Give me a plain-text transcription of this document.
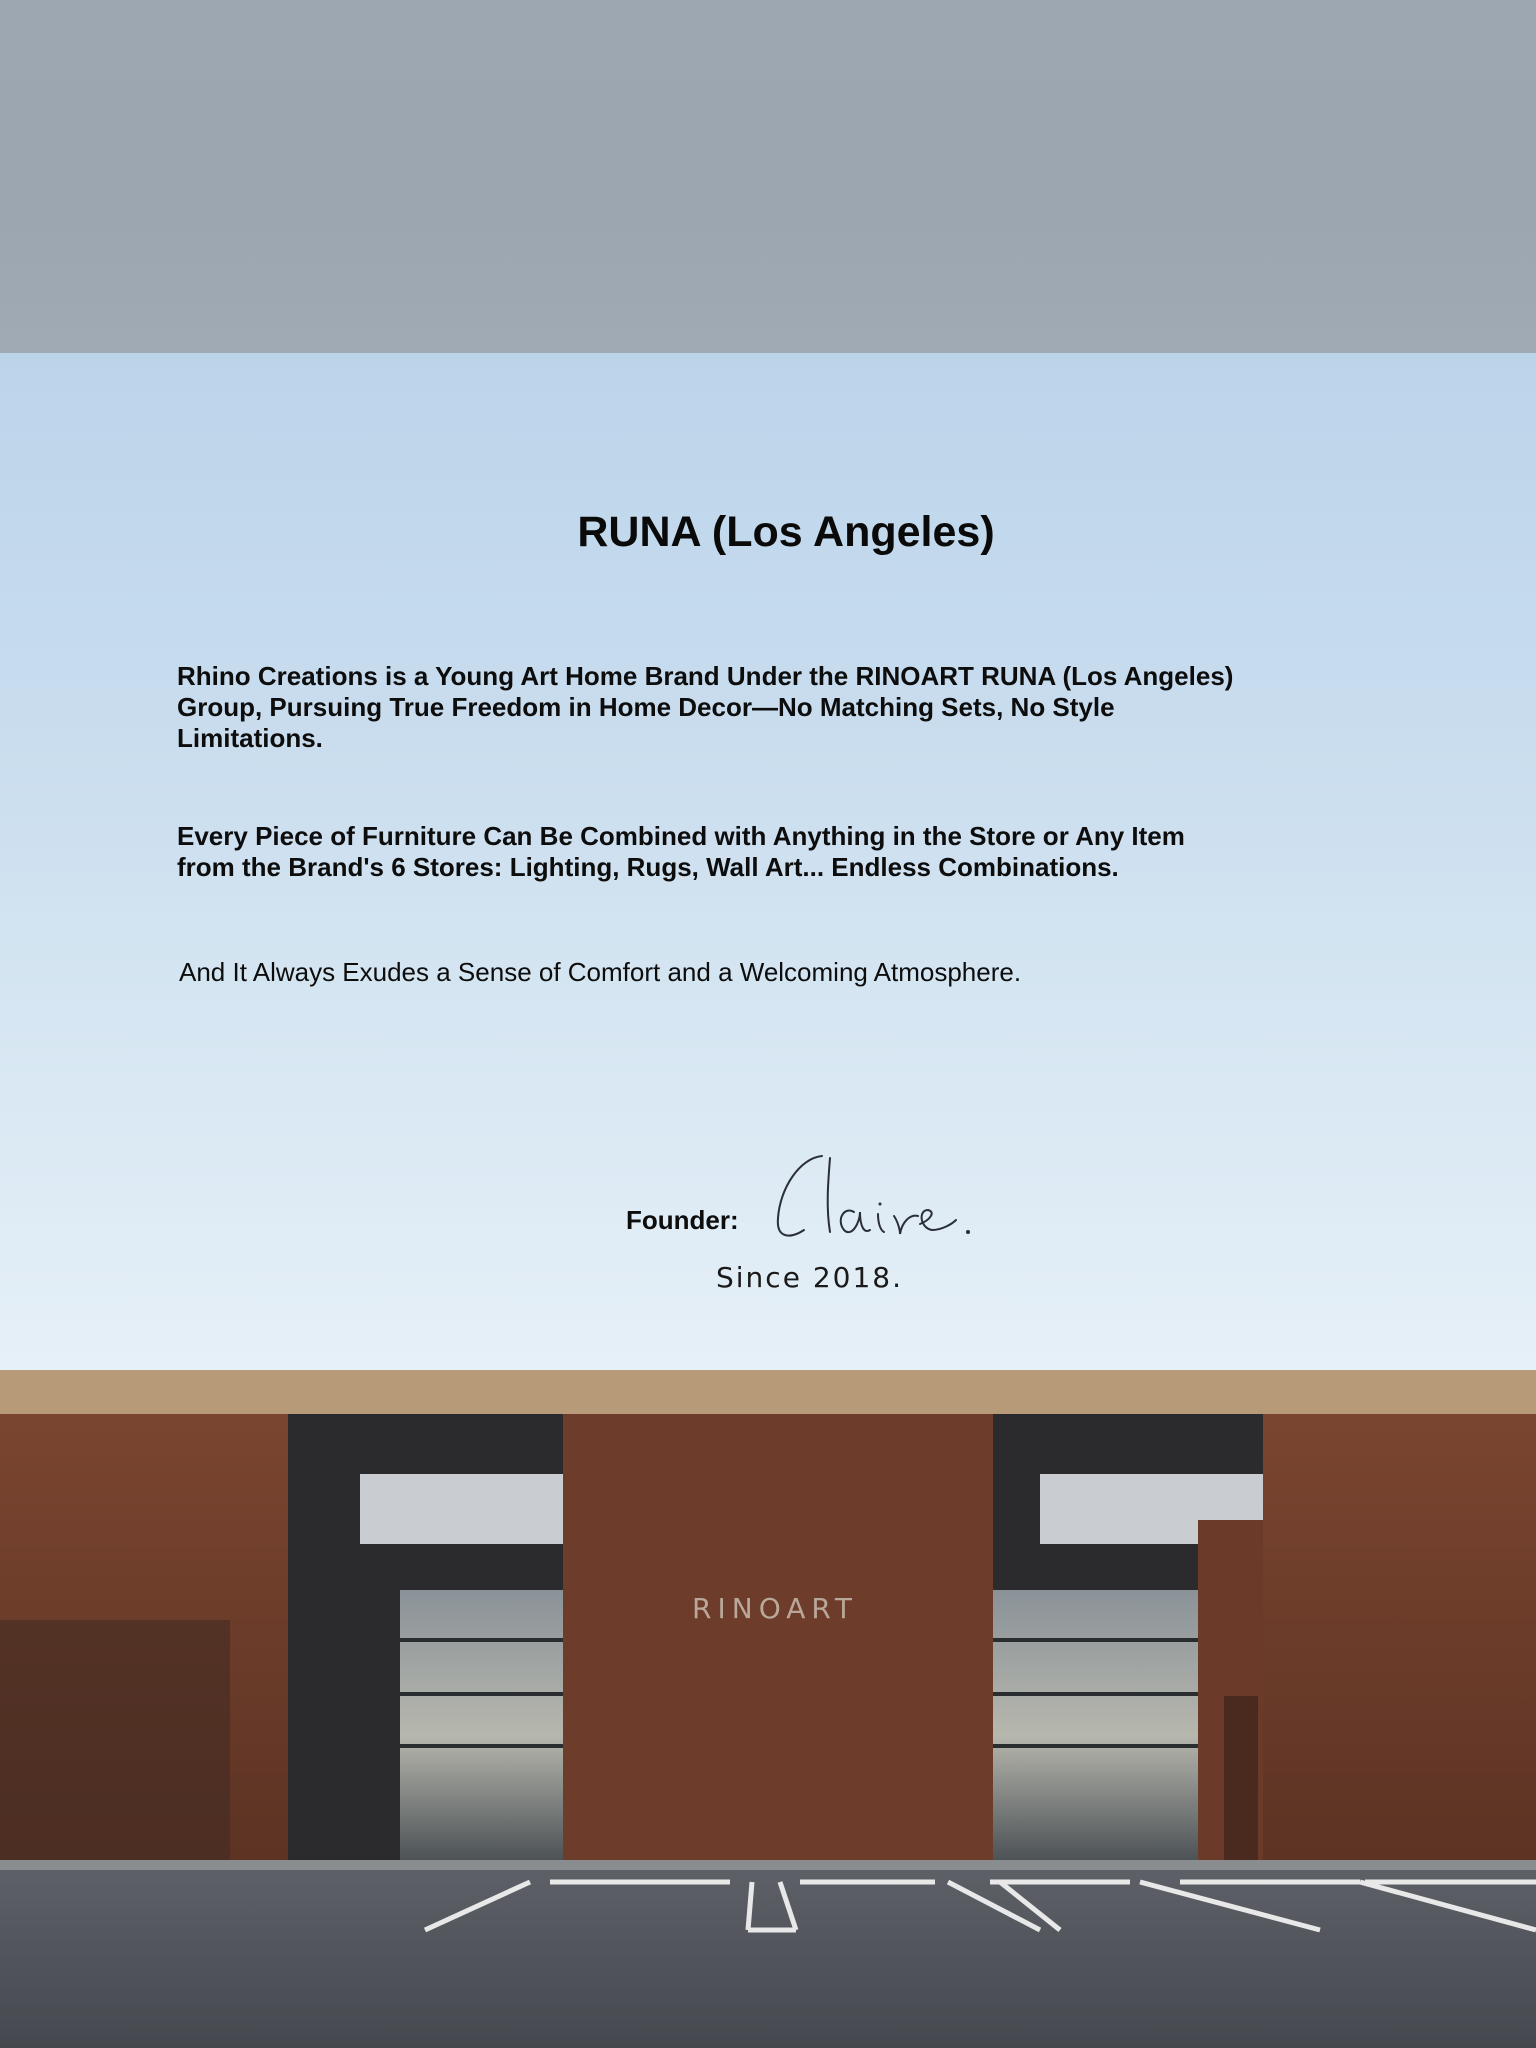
RUNA (Los Angeles)

Rhino Creations is a Young Art Home Brand Under the RINOART RUNA (Los Angeles) Group, Pursuing True Freedom in Home Decor—No Matching Sets, No Style Limitations.

Every Piece of Furniture Can Be Combined with Anything in the Store or Any Item from the Brand's 6 Stores: Lighting, Rugs, Wall Art... Endless Combinations.

And It Always Exudes a Sense of Comfort and a Welcoming Atmosphere.

Founder:
Since 2018.
RINOART
